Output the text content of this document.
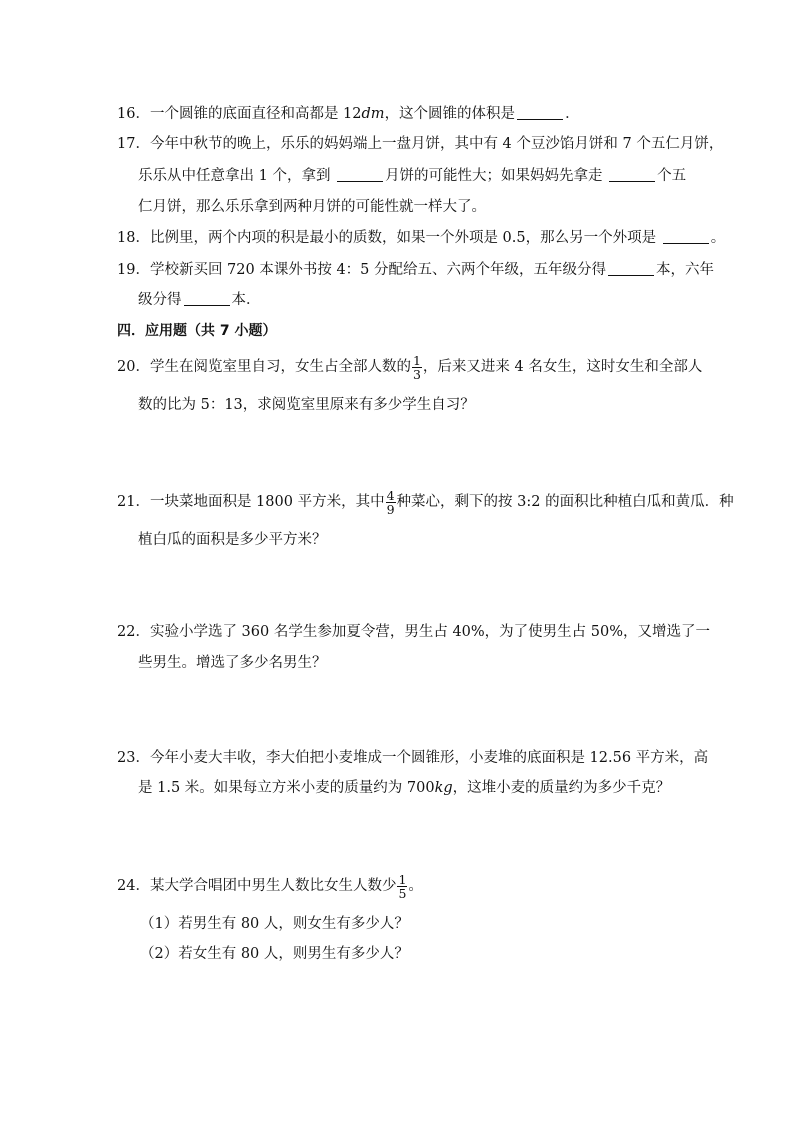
16．一个圆锥的底面直径和高都是 12dm，这个圆锥的体积是	．
17．今年中秋节的晚上，乐乐的妈妈端上一盘月饼，其中有 4 个豆沙馅月饼和 7 个五仁月饼，
乐乐从中任意拿出 1 个，拿到	月饼的可能性大；如果妈妈先拿走	个五
仁月饼，那么乐乐拿到两种月饼的可能性就一样大了。
18．比例里，两个内项的积是最小的质数，如果一个外项是 0.5，那么另一个外项是	。
19．学校新买回 720 本课外书按 4：5 分配给五、六两个年级，五年级分得	本，六年
级分得	本．
四．应用题（共 7 小题）
20．学生在阅览室里自习，女生占全部人数的 $\frac{1}{3}$ ，后来又进来 4 名女生，这时女生和全部人
数的比为 5：13，求阅览室里原来有多少学生自习？
21．一块菜地面积是 1800 平方米，其中 $\frac{4}{9}$ 种菜心，剩下的按 3:2 的面积比种植白瓜和黄瓜．种
植白瓜的面积是多少平方米？
22．实验小学选了 360 名学生参加夏令营，男生占 40%，为了使男生占 50%，又增选了一
些男生。增选了多少名男生？
23．今年小麦大丰收，李大伯把小麦堆成一个圆锥形，小麦堆的底面积是 12.56 平方米，高
是 1.5 米。如果每立方米小麦的质量约为 700kg，这堆小麦的质量约为多少千克？
24．某大学合唱团中男生人数比女生人数少 $\frac{1}{5}$ 。
（1）若男生有 80 人，则女生有多少人？
（2）若女生有 80 人，则男生有多少人？
